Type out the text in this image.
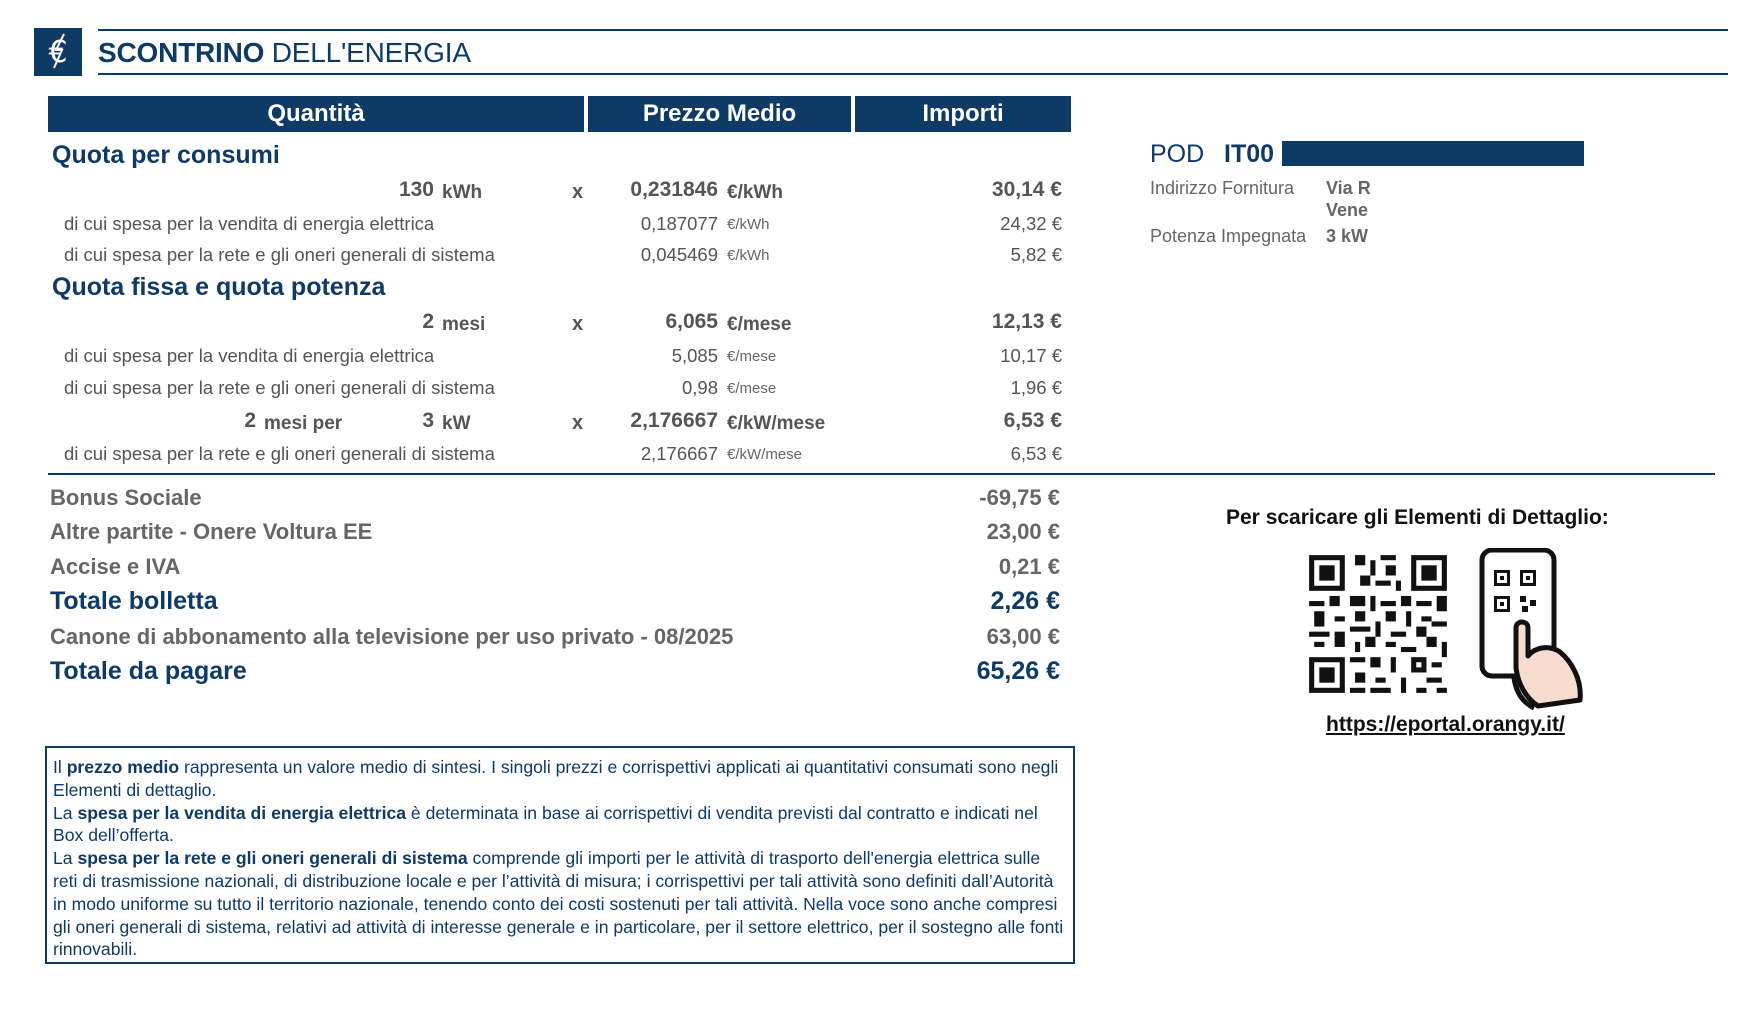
€ SCONTRINO DELL'ENERGIA
Quantità	Prezzo Medio	Importi
Quota per consumi
130 kWh	x	0,231846 €/kWh	30,14 €
di cui spesa per la vendita di energia elettrica	0,187077 €/kWh	24,32 €
di cui spesa per la rete e gli oneri generali di sistema	0,045469 €/kWh	5,82 €
Quota fissa e quota potenza
2 mesi	x	6,065 €/mese	12,13 €
di cui spesa per la vendita di energia elettrica	5,085 €/mese	10,17 €
di cui spesa per la rete e gli oneri generali di sistema	0,98 €/mese	1,96 €
2 mesi per	3 kW	x	2,176667 €/kW/mese	6,53 €
di cui spesa per la rete e gli oneri generali di sistema	2,176667 €/kW/mese	6,53 €
Bonus Sociale	-69,75 €
Altre partite - Onere Voltura EE	23,00 €
Accise e IVA	0,21 €
Totale bolletta	2,26 €
Canone di abbonamento alla televisione per uso privato - 08/2025	63,00 €
Totale da pagare	65,26 €
Il prezzo medio rappresenta un valore medio di sintesi. I singoli prezzi e corrispettivi applicati ai quantitativi consumati sono negli Elementi di dettaglio.
La spesa per la vendita di energia elettrica è determinata in base ai corrispettivi di vendita previsti dal contratto e indicati nel Box dell’offerta.
La spesa per la rete e gli oneri generali di sistema comprende gli importi per le attività di trasporto dell'energia elettrica sulle reti di trasmissione nazionali, di distribuzione locale e per l’attività di misura; i corrispettivi per tali attività sono definiti dall’Autorità in modo uniforme su tutto il territorio nazionale, tenendo conto dei costi sostenuti per tali attività. Nella voce sono anche compresi gli oneri generali di sistema, relativi ad attività di interesse generale e in particolare, per il settore elettrico, per il sostegno alle fonti rinnovabili.
POD IT00
Indirizzo Fornitura Via R
Vene
Potenza Impegnata 3 kW
Per scaricare gli Elementi di Dettaglio:
https://eportal.orangy.it/
